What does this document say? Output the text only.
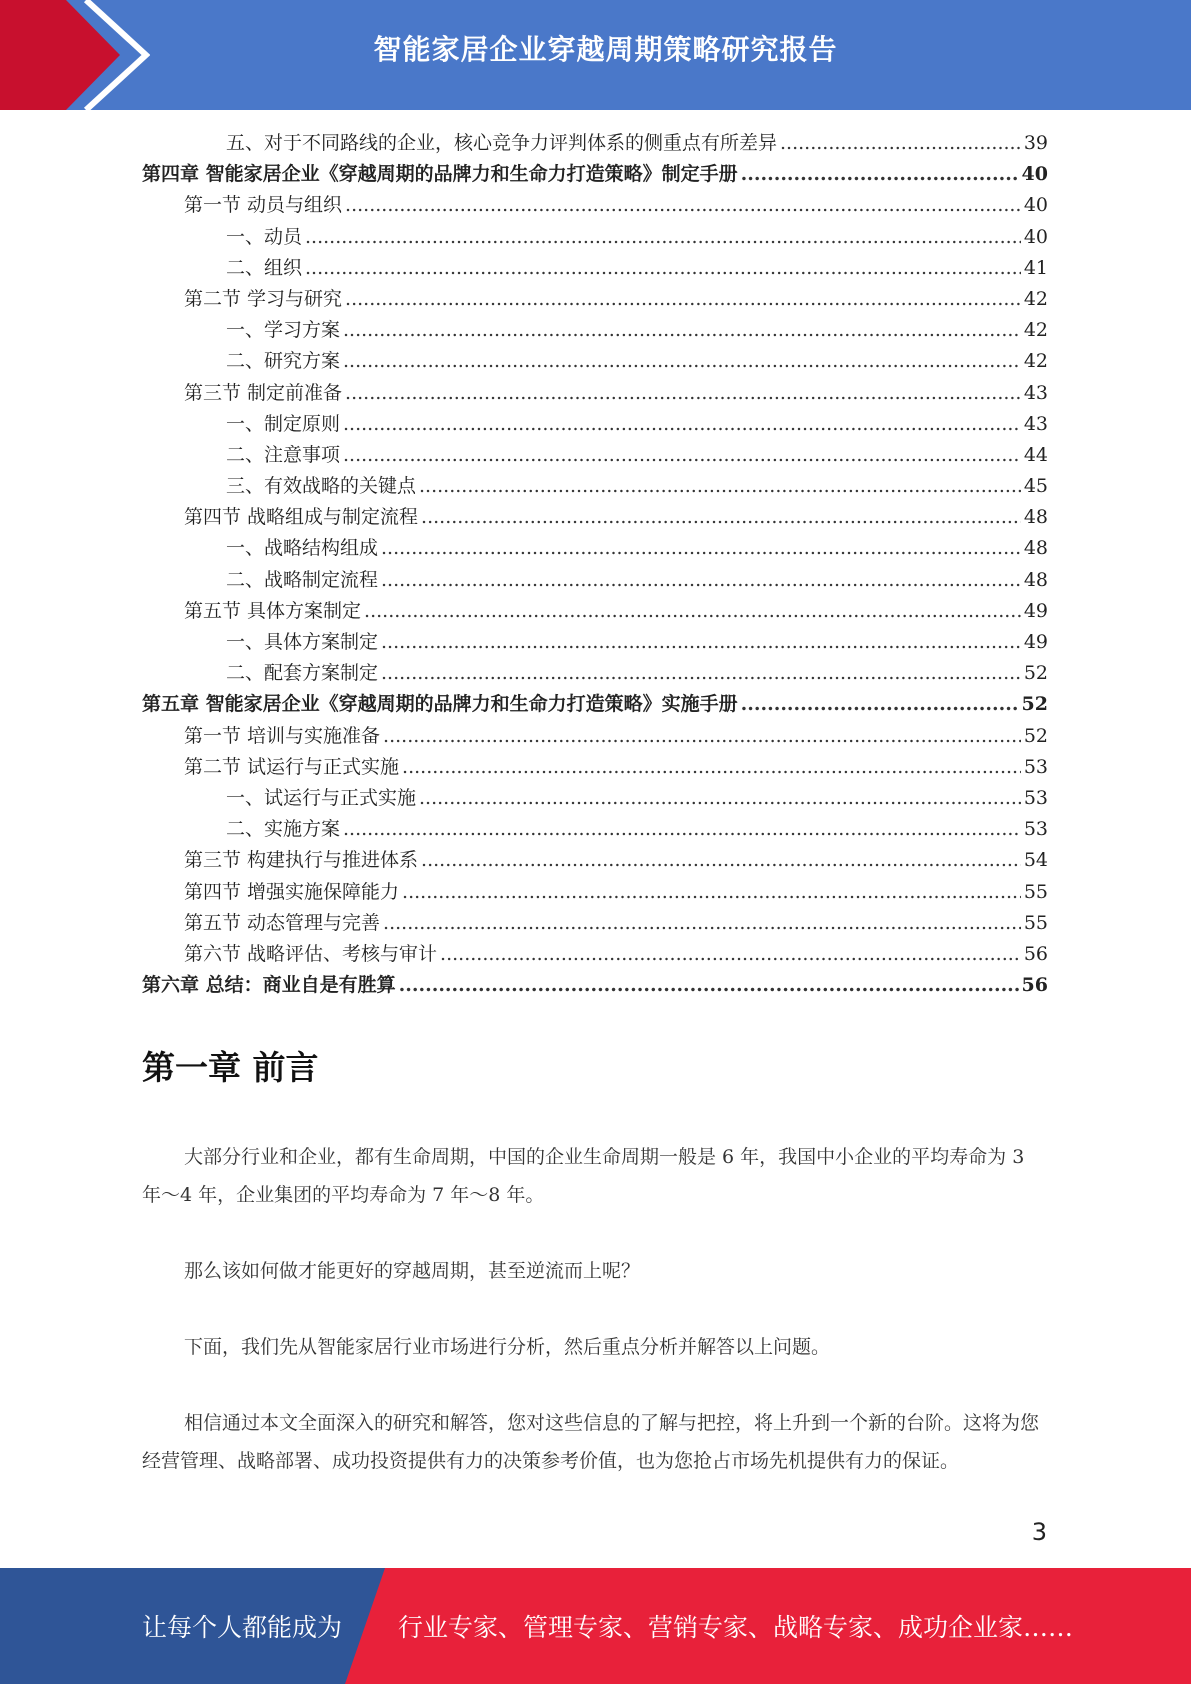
智能家居企业穿越周期策略研究报告
五、对于不同路线的企业，核心竞争力评判体系的侧重点有所差异 .....	39
第四章 智能家居企业《穿越周期的品牌力和生命力打造策略》制定手册 .....	40
第一节 动员与组织 .....	40
一、动员 .....	40
二、组织 .....	41
第二节 学习与研究 .....	42
一、学习方案 .....	42
二、研究方案 .....	42
第三节 制定前准备 .....	43
一、制定原则 .....	43
二、注意事项 .....	44
三、有效战略的关键点 .....	45
第四节 战略组成与制定流程 .....	48
一、战略结构组成 .....	48
二、战略制定流程 .....	48
第五节 具体方案制定 .....	49
一、具体方案制定 .....	49
二、配套方案制定 .....	52
第五章 智能家居企业《穿越周期的品牌力和生命力打造策略》实施手册 .....	52
第一节 培训与实施准备 .....	52
第二节 试运行与正式实施 .....	53
一、试运行与正式实施 .....	53
二、实施方案 .....	53
第三节 构建执行与推进体系 .....	54
第四节 增强实施保障能力 .....	55
第五节 动态管理与完善 .....	55
第六节 战略评估、考核与审计 .....	56
第六章 总结：商业自是有胜算 .....	56
第一章 前言

大部分行业和企业，都有生命周期，中国的企业生命周期一般是 6 年，我国中小企业的平均寿命为 3 年～4 年，企业集团的平均寿命为 7 年～8 年。

那么该如何做才能更好的穿越周期，甚至逆流而上呢？

下面，我们先从智能家居行业市场进行分析，然后重点分析并解答以上问题。

相信通过本文全面深入的研究和解答，您对这些信息的了解与把控，将上升到一个新的台阶。这将为您经营管理、战略部署、成功投资提供有力的决策参考价值，也为您抢占市场先机提供有力的保证。

3
让每个人都能成为 行业专家、管理专家、营销专家、战略专家、成功企业家……
